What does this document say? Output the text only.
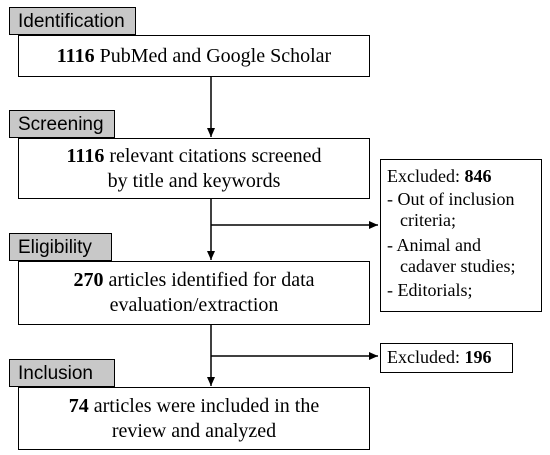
Identification
Screening
Eligibility
Inclusion
1116 PubMed and Google Scholar
1116 relevant citations screened
by title and keywords
270 articles identified for data
evaluation/extraction
74 articles were included in the
review and analyzed
Excluded: 846
- Out of inclusion criteria;
- Animal and cadaver studies;
- Editorials;
Excluded: 196
